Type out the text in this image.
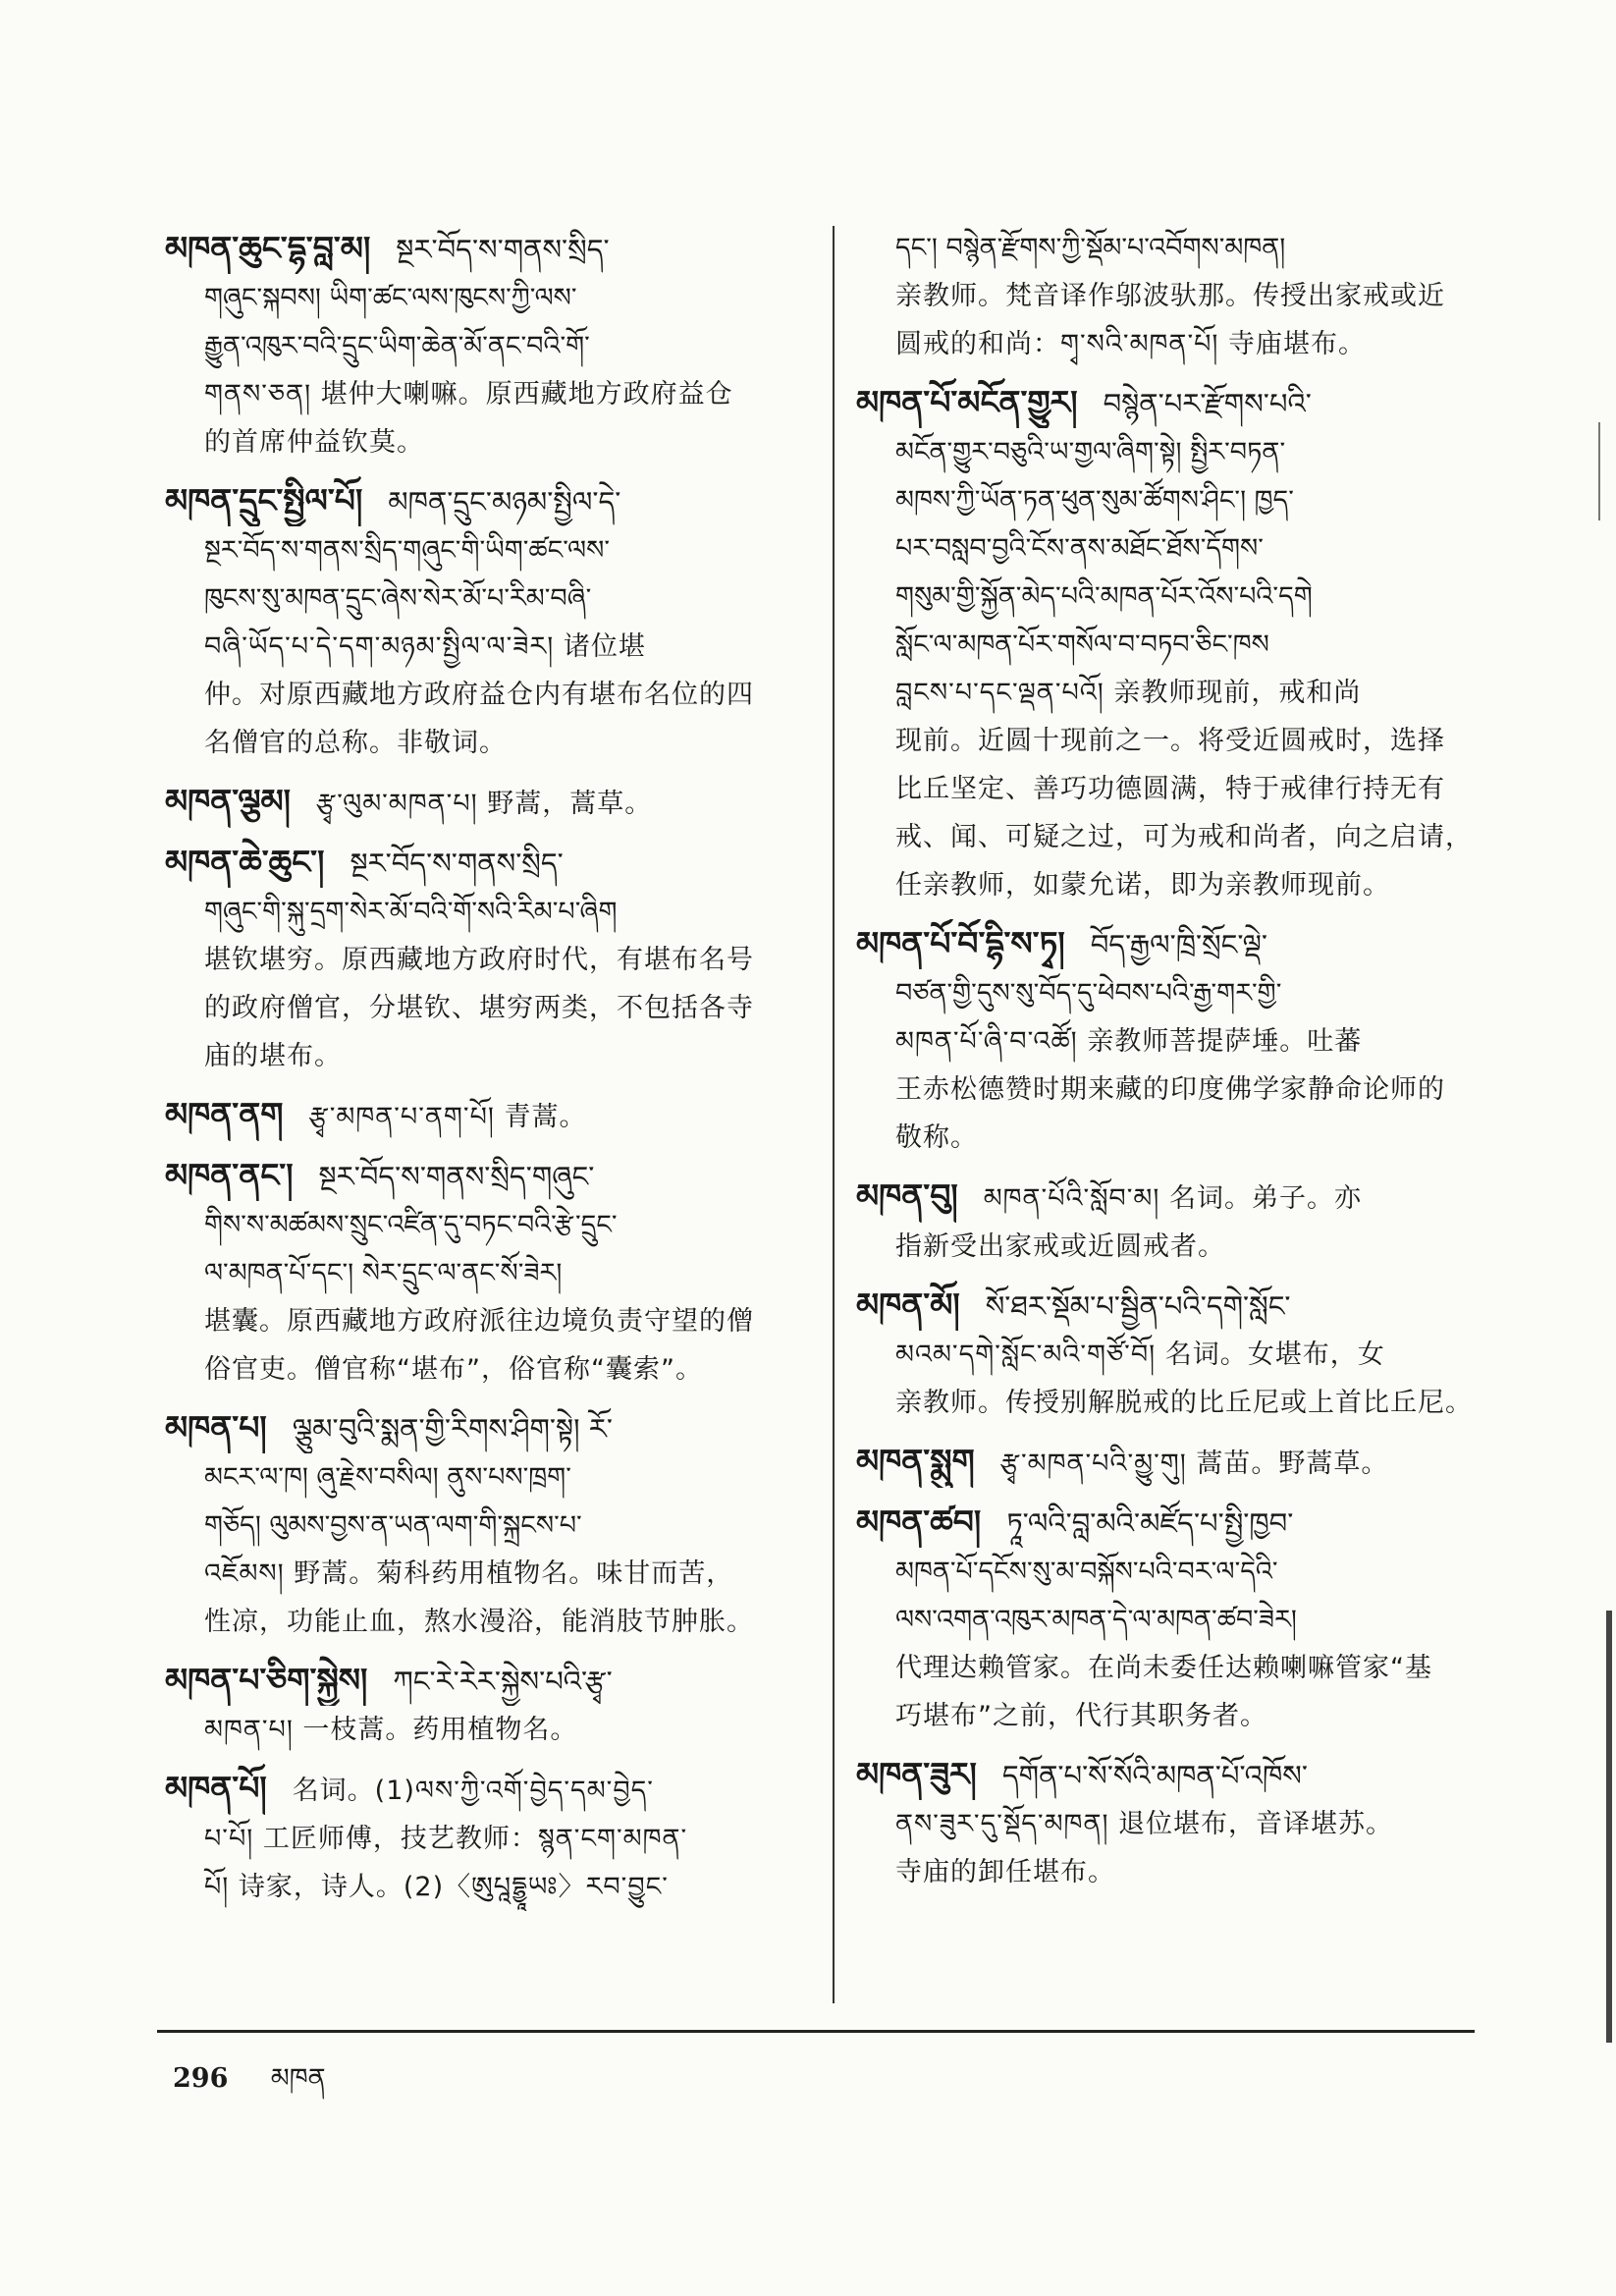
མཁན་ཆུང་དྷ་བླ་མ། སྔར་བོད་ས་གནས་སྲིད་
གཞུང་སྐབས། ཡིག་ཚང་ལས་ཁུངས་ཀྱི་ལས་
རྒྱུན་འཁུར་བའི་དྲུང་ཡིག་ཆེན་མོ་ནང་བའི་གོ་
གནས་ཅན། 堪仲大喇嘛。原西藏地方政府益仓
的首席仲益钦莫。
མཁན་དྲུང་སྤྱིལ་པོ། མཁན་དྲུང་མཉམ་སྤྱིལ་དེ་
སྔར་བོད་ས་གནས་སྲིད་གཞུང་གི་ཡིག་ཚང་ལས་
ཁུངས་སུ་མཁན་དྲུང་ཞེས་སེར་མོ་པ་རིམ་བཞི་
བཞི་ཡོད་པ་དེ་དག་མཉམ་སྤྱིལ་ལ་ཟེར། 诸位堪
仲。对原西藏地方政府益仓内有堪布名位的四
名僧官的总称。非敬词。
མཁན་ལྕམ། རྩྭ་ལུམ་མཁན་པ། 野蒿，蒿草。
མཁན་ཆེ་ཆུང་། སྔར་བོད་ས་གནས་སྲིད་
གཞུང་གི་སྐུ་དྲག་སེར་མོ་བའི་གོ་སའི་རིམ་པ་ཞིག
堪钦堪穷。原西藏地方政府时代，有堪布名号
的政府僧官，分堪钦、堪穷两类，不包括各寺
庙的堪布。
མཁན་ནག རྩྭ་མཁན་པ་ནག་པོ། 青蒿。
མཁན་ནང་། སྔར་བོད་ས་གནས་སྲིད་གཞུང་
གིས་ས་མཚམས་སྲུང་འཛིན་དུ་བཏང་བའི་རྩེ་དྲུང་
ལ་མཁན་པོ་དང་། སེར་དྲུང་ལ་ནང་སོ་ཟེར།
堪囊。原西藏地方政府派往边境负责守望的僧
俗官吏。僧官称“堪布”，俗官称“囊索”。
མཁན་པ། ལྕུམ་བུའི་སྨན་གྱི་རིགས་ཤིག་སྟེ། རོ་
མངར་ལ་ཁ། ཞུ་རྗེས་བསིལ། ནུས་པས་ཁྲག་
གཅོད། ལུམས་བྱས་ན་ཡན་ལག་གི་སྐྲངས་པ་
འཇོམས། 野蒿。菊科药用植物名。味甘而苦，
性凉，功能止血，熬水漫浴，能消肢节肿胀。
མཁན་པ་ཅིག་སྐྱེས། ཀང་རེ་རེར་སྐྱེས་པའི་རྩྭ་
མཁན་པ། 一枝蒿。药用植物名。
མཁན་པོ། 名词。(1)ལས་ཀྱི་འགོ་བྱེད་དམ་བྱེད་
པ་པོ། 工匠师傅，技艺教师：སྙན་ངག་མཁན་
པོ། 诗家，诗人。(2)〈ཨུཔཱདྷྱཱཡཿ〉རབ་བྱུང་
དང་། བསྙེན་རྫོགས་ཀྱི་སྡོམ་པ་འབོགས་མཁན།
亲教师。梵音译作邬波驮那。传授出家戒或近
圆戒的和尚：གྭ་སའི་མཁན་པོ། 寺庙堪布。
མཁན་པོ་མངོན་གྱུར། བསྙེན་པར་རྫོགས་པའི་
མངོན་གྱུར་བཅུའི་ཡ་གྱལ་ཞིག་སྟེ། སྤྱིར་བཏན་
མཁས་ཀྱི་ཡོན་ཏན་ཕུན་སུམ་ཚོགས་ཤིང་། ཁྱད་
པར་བསླབ་བྱའི་ངོས་ནས་མཐོང་ཐོས་དོགས་
གསུམ་གྱི་སྐྱོན་མེད་པའི་མཁན་པོར་འོས་པའི་དགེ
སློང་ལ་མཁན་པོར་གསོལ་བ་བཏབ་ཅིང་ཁས
བླངས་པ་དང་ལྡན་པའོ། 亲教师现前，戒和尚
现前。近圆十现前之一。将受近圆戒时，选择
比丘坚定、善巧功德圆满，特于戒律行持无有
戒、闻、可疑之过，可为戒和尚者，向之启请，
任亲教师，如蒙允诺，即为亲教师现前。
མཁན་པོ་བོ་དྷི་ས་ཏྭ། བོད་རྒྱལ་ཁྲི་སྲོང་ལྡེ་
བཙན་གྱི་དུས་སུ་བོད་དུ་ཕེབས་པའི་རྒྱ་གར་གྱི་
མཁན་པོ་ཞི་བ་འཚོ། 亲教师菩提萨埵。吐蕃
王赤松德赞时期来藏的印度佛学家静命论师的
敬称。
མཁན་བུ། མཁན་པོའི་སློབ་མ། 名词。弟子。亦
指新受出家戒或近圆戒者。
མཁན་མོ། སོ་ཐར་སྡོམ་པ་སྦྱིན་པའི་དགེ་སློང་
མའམ་དགེ་སློང་མའི་གཙོ་བོ། 名词。女堪布，女
亲教师。传授别解脱戒的比丘尼或上首比丘尼。
མཁན་སྨུག རྩྭ་མཁན་པའི་མྱུ་གུ། 蒿苗。野蒿草。
མཁན་ཚབ། ཏཱ་ལའི་བླ་མའི་མཛོད་པ་སྤྱི་ཁྱབ་
མཁན་པོ་དངོས་སུ་མ་བསྐོས་པའི་བར་ལ་དེའི་
ལས་འགན་འཁུར་མཁན་དེ་ལ་མཁན་ཚབ་ཟེར།
代理达赖管家。在尚未委任达赖喇嘛管家“基
巧堪布”之前，代行其职务者。
མཁན་ཟུར། དགོན་པ་སོ་སོའི་མཁན་པོ་འཁོས་
ནས་ཟུར་དུ་སྡོད་མཁན། 退位堪布，音译堪苏。
寺庙的卸任堪布。
296 མཁན
